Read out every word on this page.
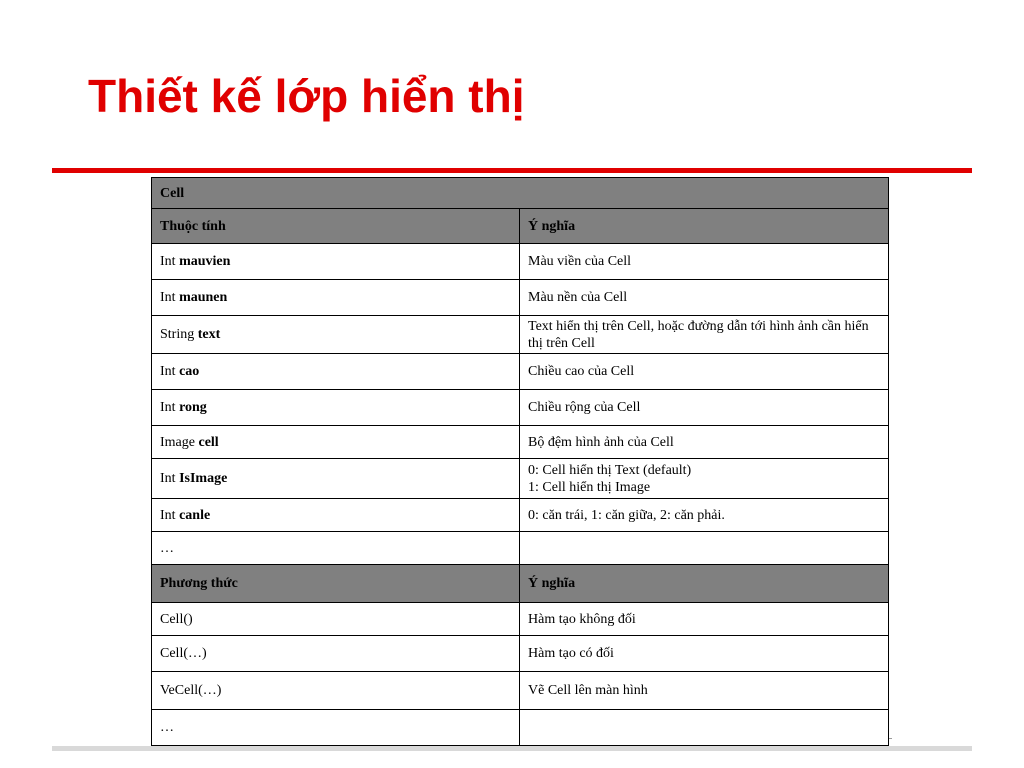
Thiết kế lớp hiển thị
Cell	
Thuộc tính	Ý nghĩa
Int mauvien	Màu viền của Cell
Int maunen	Màu nền của Cell
String text	Text hiển thị trên Cell, hoặc đường dẫn tới hình ảnh cần hiển thị trên Cell
Int cao	Chiều cao của Cell
Int rong	Chiều rộng của Cell
Image cell	Bộ đệm hình ảnh của Cell
Int IsImage	0: Cell hiển thị Text (default)
1: Cell hiển thị Image

Int canle	0: căn trái, 1: căn giữa, 2: căn phải.
…	
Phương thức	Ý nghĩa
Cell()	Hàm tạo không đối
Cell(…)	Hàm tạo có đối
VeCell(…)	Vẽ Cell lên màn hình
…	
